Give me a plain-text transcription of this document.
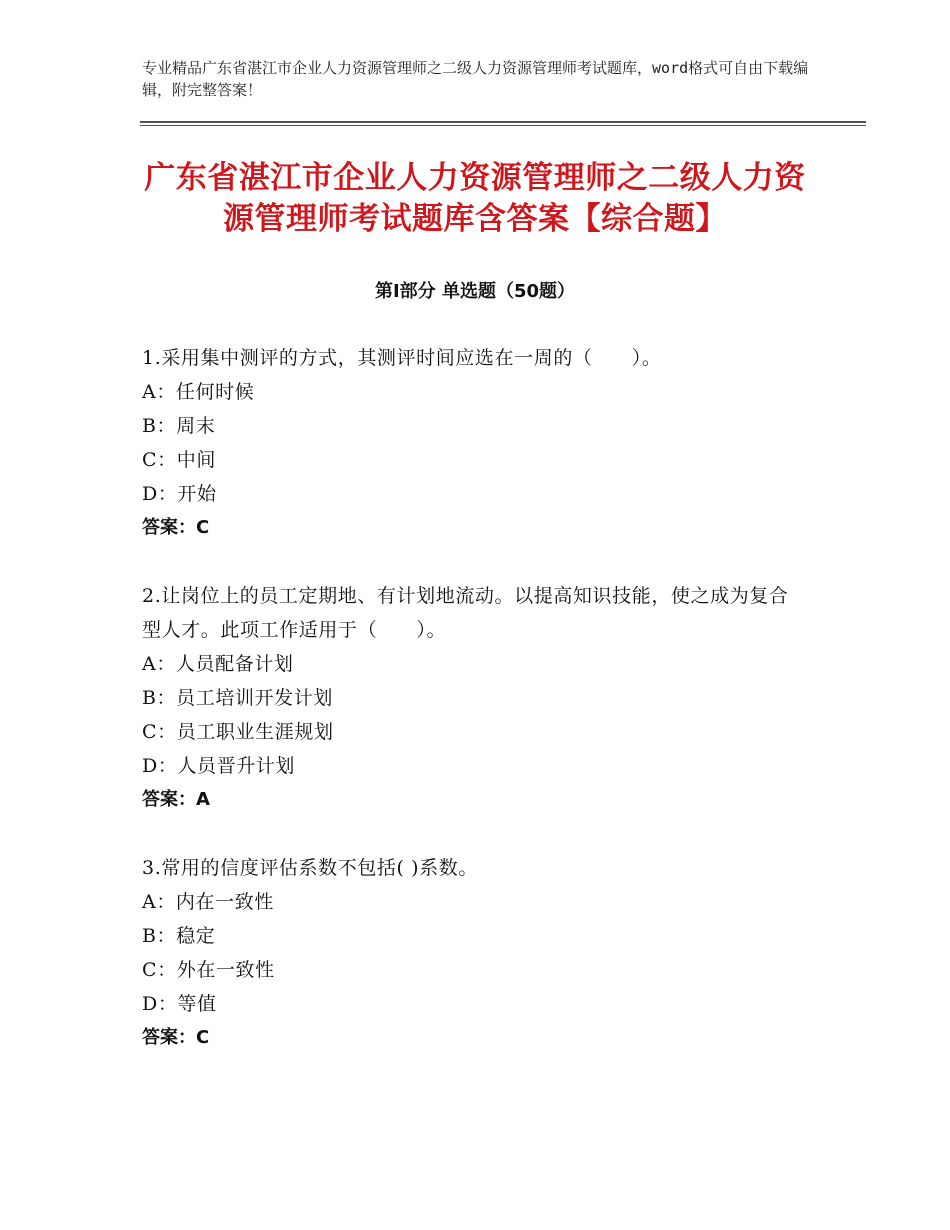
专业精品广东省湛江市企业人力资源管理师之二级人力资源管理师考试题库，word格式可自由下载编辑，附完整答案！
广东省湛江市企业人力资源管理师之二级人力资源管理师考试题库含答案【综合题】
第Ⅰ部分 单选题（50题）

1.采用集中测评的方式，其测评时间应选在一周的（　　）。

A：任何时候

B：周末

C：中间

D：开始

答案：C

2.让岗位上的员工定期地、有计划地流动。以提高知识技能，使之成为复合型人才。此项工作适用于（　　）。

A：人员配备计划

B：员工培训开发计划

C：员工职业生涯规划

D：人员晋升计划

答案：A

3.常用的信度评估系数不包括( )系数。

A：内在一致性

B：稳定

C：外在一致性

D：等值

答案：C
